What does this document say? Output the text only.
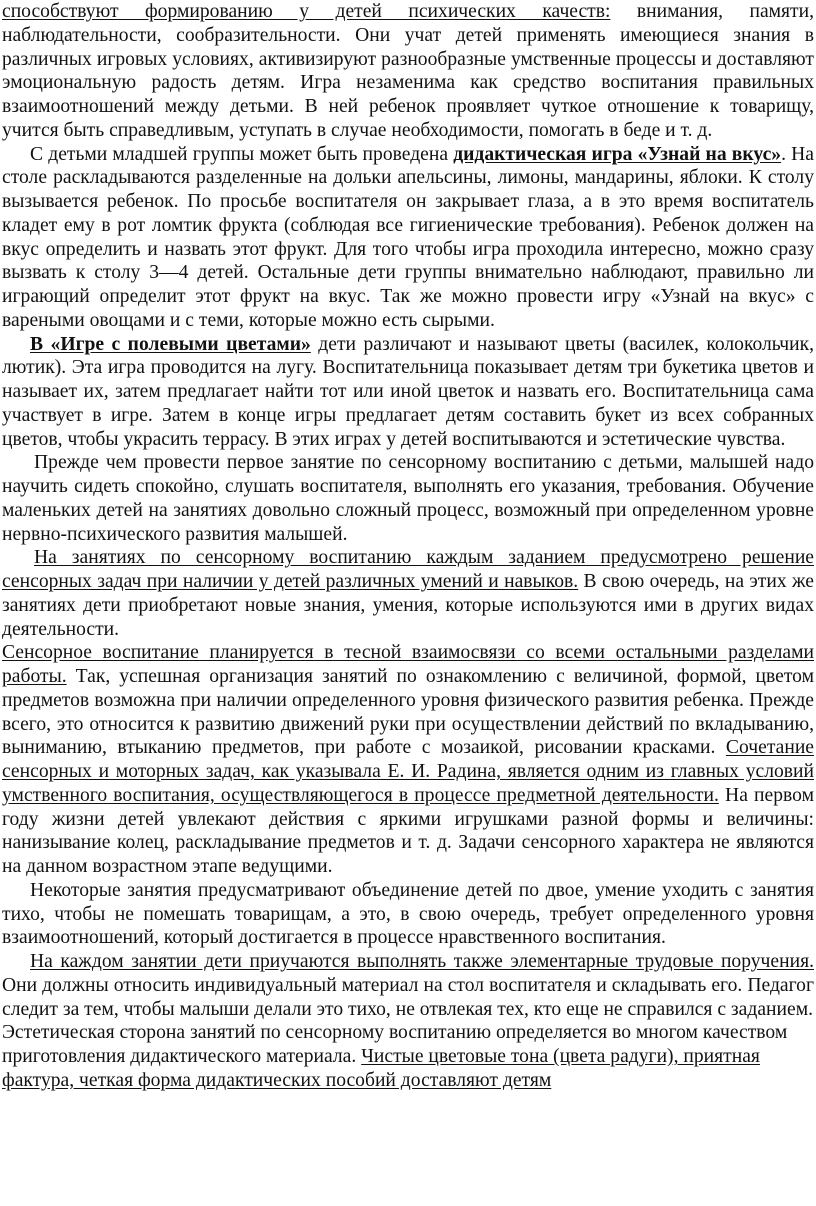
способствуют формированию у детей психических качеств: внимания, памяти, наблюдательности, сообразительности. Они учат детей применять имеющиеся знания в различных игровых условиях, активизируют разнообразные умственные процессы и доставляют эмоциональную радость детям. Игра незаменима как средство воспитания правильных взаимоотношений между детьми. В ней ребенок проявляет чуткое отношение к товарищу, учится быть справедливым, уступать в случае необходимости, помогать в беде и т. д.

С детьми младшей группы может быть проведена дидактическая игра «Узнай на вкус». На столе раскладываются разделенные на дольки апельсины, лимоны, мандарины, яблоки. К столу вызывается ребенок. По просьбе воспитателя он закрывает глаза, а в это время воспитатель кладет ему в рот ломтик фрукта (соблюдая все гигиенические требования). Ребенок должен на вкус определить и назвать этот фрукт. Для того чтобы игра проходила интересно, можно сразу вызвать к столу 3—4 детей. Остальные дети группы внимательно наблюдают, правильно ли играющий определит этот фрукт на вкус. Так же можно провести игру «Узнай на вкус» с вареными овощами и с теми, которые можно есть сырыми.

В «Игре с полевыми цветами» дети различают и называют цветы (василек, колокольчик, лютик). Эта игра проводится на лугу. Воспитательница показывает детям три букетика цветов и называет их, затем предлагает найти тот или иной цветок и назвать его. Воспитательница сама участвует в игре. Затем в конце игры предлагает детям составить букет из всех собранных цветов, чтобы украсить террасу. В этих играх у детей воспитываются и эстетические чувства.

Прежде чем провести первое занятие по сенсорному воспитанию с детьми, малышей надо научить сидеть спокойно, слушать воспитателя, выполнять его указания, требования. Обучение маленьких детей на занятиях довольно сложный процесс, возможный при определенном уровне нервно-психического развития малышей.

На занятиях по сенсорному воспитанию каждым заданием предусмотрено решение сенсорных задач при наличии у детей различных умений и навыков. В свою очередь, на этих же занятиях дети приобретают новые знания, умения, которые используются ими в других видах деятельности.

Сенсорное воспитание планируется в тесной взаимосвязи со всеми остальными разделами работы. Так, успешная организация занятий по ознакомлению с величиной, формой, цветом предметов возможна при наличии определенного уровня физического развития ребенка. Прежде всего, это относится к развитию движений руки при осуществлении действий по вкладыванию, выниманию, втыканию предметов, при работе с мозаикой, рисовании красками. Сочетание сенсорных и моторных задач, как указывала Е. И. Радина, является одним из главных условий умственного воспитания, осуществляющегося в процессе предметной деятельности. На первом году жизни детей увлекают действия с яркими игрушками разной формы и величины: нанизывание колец, раскладывание предметов и т. д. Задачи сенсорного характера не являются на данном возрастном этапе ведущими.

Некоторые занятия предусматривают объединение детей по двое, умение уходить с занятия тихо, чтобы не помешать товарищам, а это, в свою очередь, требует определенного уровня взаимоотношений, который достигается в процессе нравственного воспитания.

На каждом занятии дети приучаются выполнять также элементарные трудовые поручения. Они должны относить индивидуальный материал на стол воспитателя и складывать его. Педагог следит за тем, чтобы малыши делали это тихо, не отвлекая тех, кто еще не справился с заданием.

Эстетическая сторона занятий по сенсорному воспитанию определяется во многом качеством приготовления дидактического материала. Чистые цветовые тона (цвета радуги), приятная фактура, четкая форма дидактических пособий доставляют детям
